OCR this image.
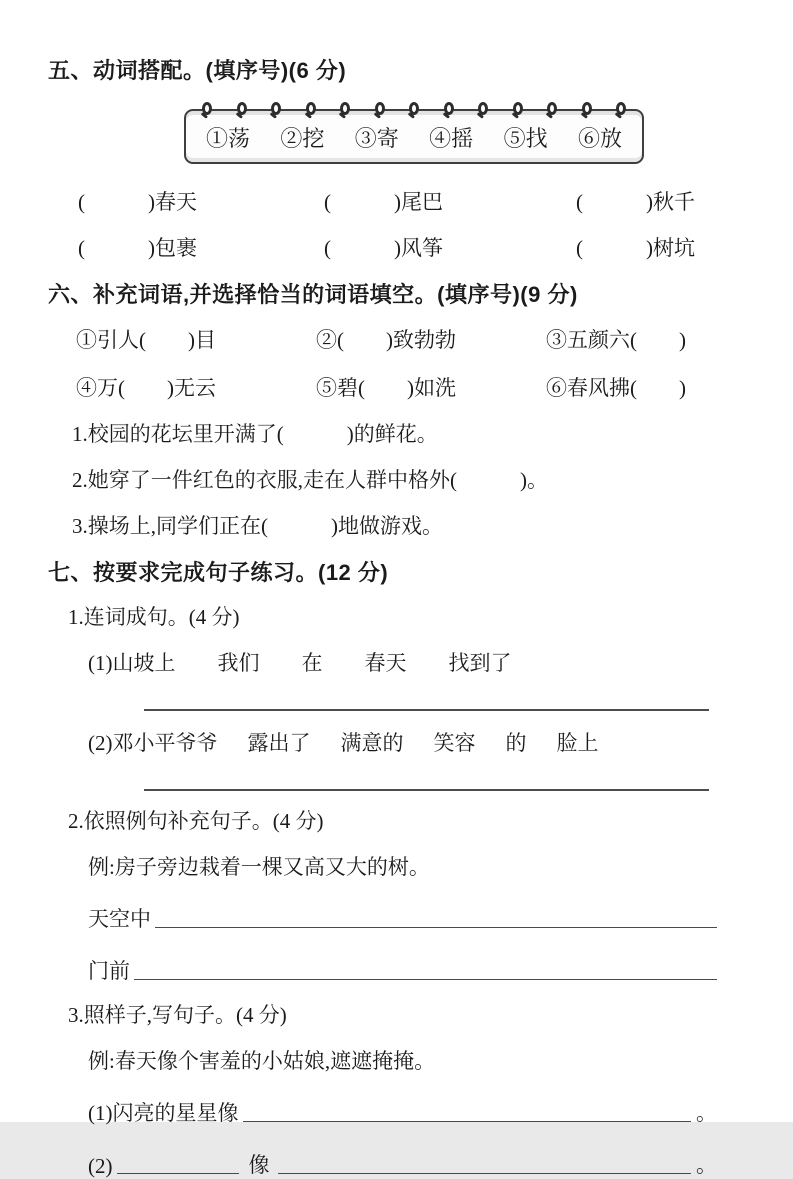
五、动词搭配。(填序号)(6 分)
①荡 ②挖 ③寄 ④摇 ⑤找 ⑥放
(　　　)春天	(　　　)尾巴	(　　　)秋千
(　　　)包裹	(　　　)风筝	(　　　)树坑
六、补充词语,并选择恰当的词语填空。(填序号)(9 分)
①引人(　　)目	②(　　)致勃勃	③五颜六(　　)
④万(　　)无云	⑤碧(　　)如洗	⑥春风拂(　　)
1.校园的花坛里开满了(　　　)的鲜花。
2.她穿了一件红色的衣服,走在人群中格外(　　　)。
3.操场上,同学们正在(　　　)地做游戏。
七、按要求完成句子练习。(12 分)
1.连词成句。(4 分)
(1) 山坡上 我们 在 春天 找到了
(2) 邓小平爷爷 露出了 满意的 笑容 的 脸上
2.依照例句补充句子。(4 分)
例:房子旁边栽着一棵又高又大的树。
天空中
门前
3.照样子,写句子。(4 分)
例:春天像个害羞的小姑娘,遮遮掩掩。
(1)闪亮的星星像	。
(2)	像	。
